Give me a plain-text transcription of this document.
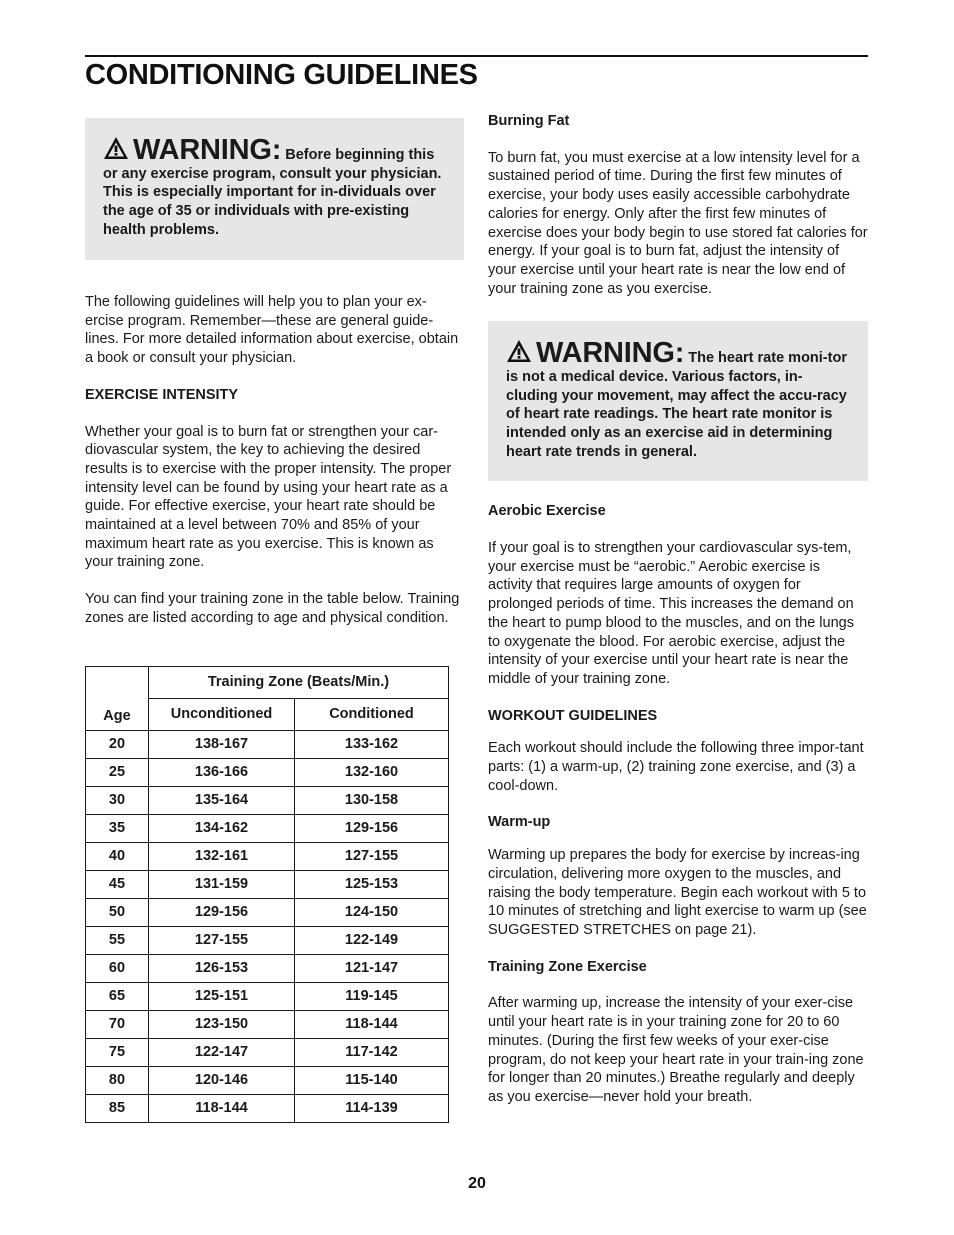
CONDITIONING GUIDELINES

WARNING: Before beginning this or any exercise program, consult your physician. This is especially important for in-dividuals over the age of 35 or individuals with pre-existing health problems.

The following guidelines will help you to plan your ex-ercise program. Remember—these are general guide-lines. For more detailed information about exercise, obtain a book or consult your physician.

EXERCISE INTENSITY

Whether your goal is to burn fat or strengthen your car-diovascular system, the key to achieving the desired results is to exercise with the proper intensity. The proper intensity level can be found by using your heart rate as a guide. For effective exercise, your heart rate should be maintained at a level between 70% and 85% of your maximum heart rate as you exercise. This is known as your training zone.

You can find your training zone in the table below. Training zones are listed according to age and physical condition.

Age	Training Zone (Beats/Min.)	
	Unconditioned	Conditioned
20	138-167	133-162
25	136-166	132-160
30	135-164	130-158
35	134-162	129-156
40	132-161	127-155
45	131-159	125-153
50	129-156	124-150
55	127-155	122-149
60	126-153	121-147
65	125-151	119-145
70	123-150	118-144
75	122-147	117-142
80	120-146	115-140
85	118-144	114-139

Burning Fat

To burn fat, you must exercise at a low intensity level for a sustained period of time. During the first few minutes of exercise, your body uses easily accessible carbohydrate calories for energy. Only after the first few minutes of exercise does your body begin to use stored fat calories for energy. If your goal is to burn fat, adjust the intensity of your exercise until your heart rate is near the low end of your training zone as you exercise.

WARNING: The heart rate moni-tor is not a medical device. Various factors, in-cluding your movement, may affect the accu-racy of heart rate readings. The heart rate monitor is intended only as an exercise aid in determining heart rate trends in general.

Aerobic Exercise

If your goal is to strengthen your cardiovascular sys-tem, your exercise must be “aerobic.” Aerobic exercise is activity that requires large amounts of oxygen for prolonged periods of time. This increases the demand on the heart to pump blood to the muscles, and on the lungs to oxygenate the blood. For aerobic exercise, adjust the intensity of your exercise until your heart rate is near the middle of your training zone.

WORKOUT GUIDELINES

Each workout should include the following three impor-tant parts: (1) a warm-up, (2) training zone exercise, and (3) a cool-down.

Warm-up

Warming up prepares the body for exercise by increas-ing circulation, delivering more oxygen to the muscles, and raising the body temperature. Begin each workout with 5 to 10 minutes of stretching and light exercise to warm up (see SUGGESTED STRETCHES on page 21).

Training Zone Exercise

After warming up, increase the intensity of your exer-cise until your heart rate is in your training zone for 20 to 60 minutes. (During the first few weeks of your exer-cise program, do not keep your heart rate in your train-ing zone for longer than 20 minutes.) Breathe regularly and deeply as you exercise—never hold your breath.

20
